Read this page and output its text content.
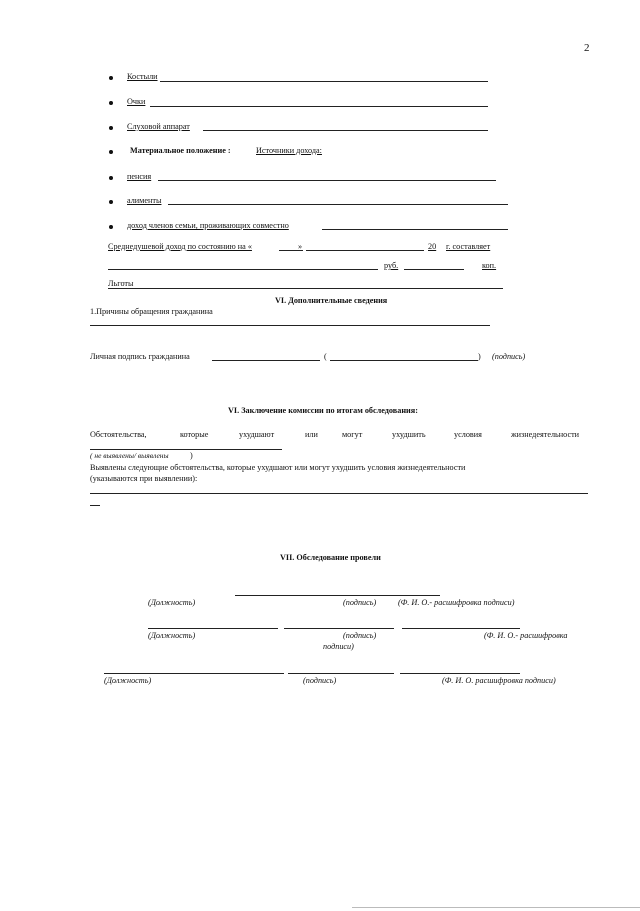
2
Костыли
Очки
Слуховой аппарат
Материальное положение :	Источники дохода:
пенсия
алименты
доход членов семьи, проживающих совместно
Среднедушевой доход по состоянию на «	»	20 г. составляет
руб.	коп.
Льготы
VI. Дополнительные сведения
1.Причины обращения гражданина
Личная подпись гражданина	(	) (подпись)
VI. Заключение комиссии по итогам обследования:
Обстоятельства,	которые	ухудшают	или	могут	ухудшить	условия	жизнедеятельности
( не выявлены/ выявлены	)
Выявлены следующие обстоятельства, которые ухудшают или могут ухудшить условия жизнедеятельности
(указываются при выявлении):
VII. Обследование провели
(Должность)	(подпись)	(Ф. И. О.- расшифровка подписи)
(Должность)	(подпись)	(Ф. И. О.- расшифровка
подписи)
(Должность)	(подпись)	(Ф. И. О. расшифровка подписи)
